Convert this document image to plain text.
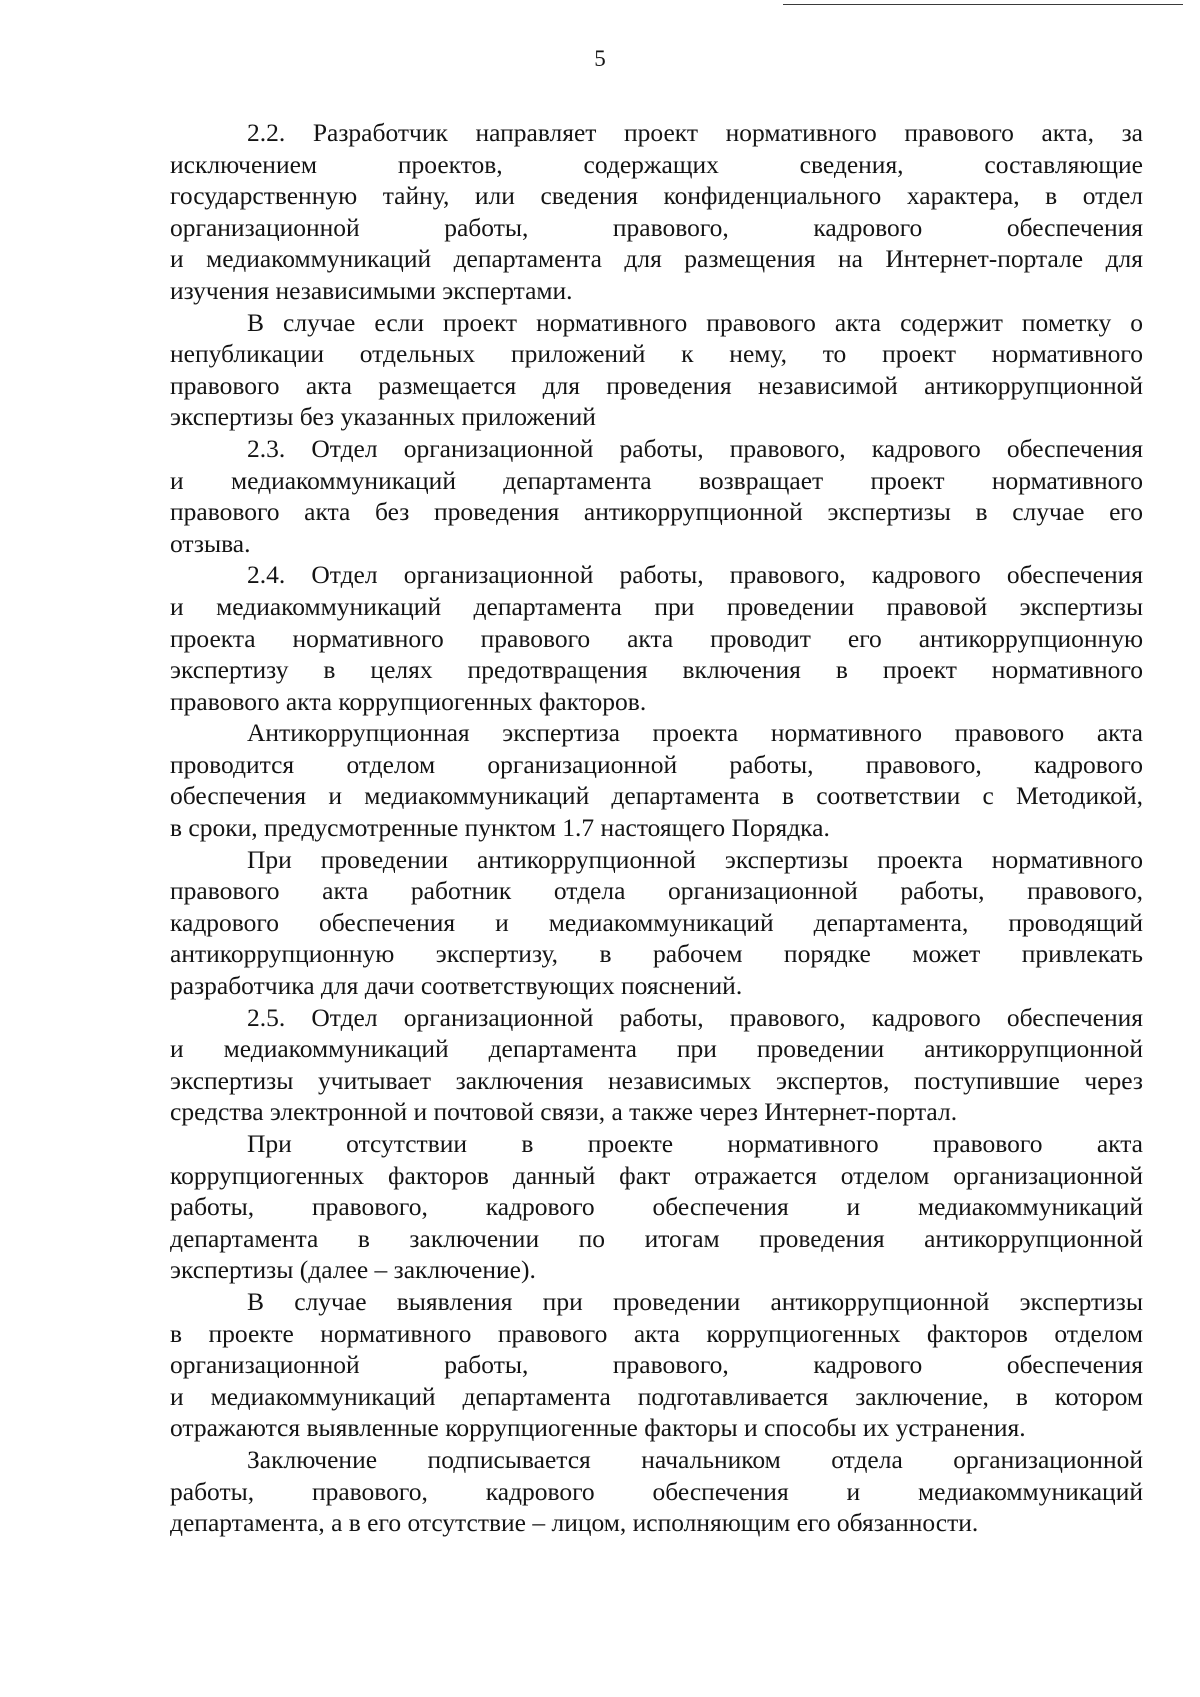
5
2.2. Разработчик направляет проект нормативного правового акта, за
исключением проектов, содержащих сведения, составляющие
государственную тайну, или сведения конфиденциального характера, в отдел
организационной работы, правового, кадрового обеспечения
и медиакоммуникаций департамента для размещения на Интернет-портале для
изучения независимыми экспертами.
В случае если проект нормативного правового акта содержит пометку о
непубликации отдельных приложений к нему, то проект нормативного
правового акта размещается для проведения независимой антикоррупционной
экспертизы без указанных приложений
2.3. Отдел организационной работы, правового, кадрового обеспечения
и медиакоммуникаций департамента возвращает проект нормативного
правового акта без проведения антикоррупционной экспертизы в случае его
отзыва.
2.4. Отдел организационной работы, правового, кадрового обеспечения
и медиакоммуникаций департамента при проведении правовой экспертизы
проекта нормативного правового акта проводит его антикоррупционную
экспертизу в целях предотвращения включения в проект нормативного
правового акта коррупциогенных факторов.
Антикоррупционная экспертиза проекта нормативного правового акта
проводится отделом организационной работы, правового, кадрового
обеспечения и медиакоммуникаций департамента в соответствии с Методикой,
в сроки, предусмотренные пунктом 1.7 настоящего Порядка.
При проведении антикоррупционной экспертизы проекта нормативного
правового акта работник отдела организационной работы, правового,
кадрового обеспечения и медиакоммуникаций департамента, проводящий
антикоррупционную экспертизу, в рабочем порядке может привлекать
разработчика для дачи соответствующих пояснений.
2.5. Отдел организационной работы, правового, кадрового обеспечения
и медиакоммуникаций департамента при проведении антикоррупционной
экспертизы учитывает заключения независимых экспертов, поступившие через
средства электронной и почтовой связи, а также через Интернет-портал.
При отсутствии в проекте нормативного правового акта
коррупциогенных факторов данный факт отражается отделом организационной
работы, правового, кадрового обеспечения и медиакоммуникаций
департамента в заключении по итогам проведения антикоррупционной
экспертизы (далее – заключение).
В случае выявления при проведении антикоррупционной экспертизы
в проекте нормативного правового акта коррупциогенных факторов отделом
организационной работы, правового, кадрового обеспечения
и медиакоммуникаций департамента подготавливается заключение, в котором
отражаются выявленные коррупциогенные факторы и способы их устранения.
Заключение подписывается начальником отдела организационной
работы, правового, кадрового обеспечения и медиакоммуникаций
департамента, а в его отсутствие – лицом, исполняющим его обязанности.
